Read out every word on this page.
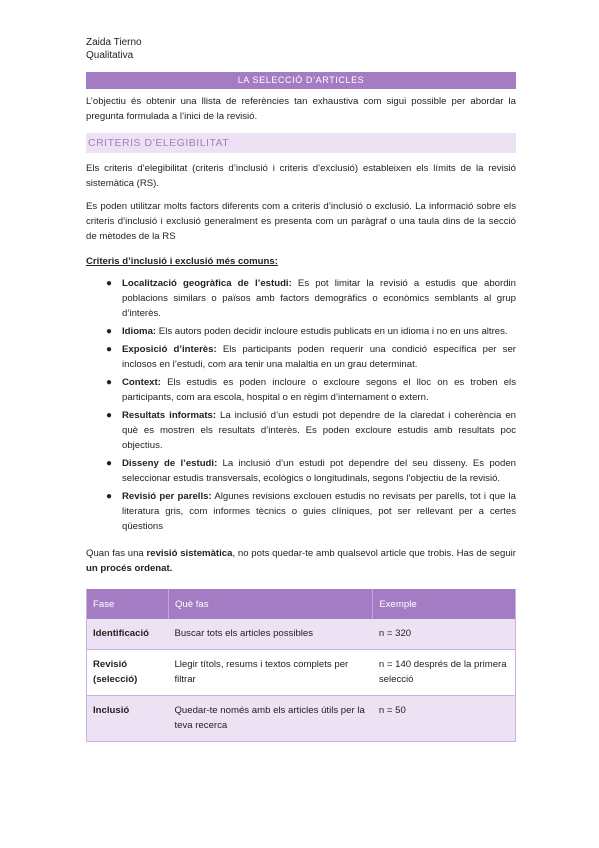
Zaida Tierno
Qualitativa
LA SELECCIÓ D’ARTICLES

L’objectiu és obtenir una llista de referències tan exhaustiva com sigui possible per abordar la pregunta formulada a l’inici de la revisió.

CRITERIS D’ELEGIBILITAT

Els criteris d’elegibilitat (criteris d’inclusió i criteris d’exclusió) estableixen els límits de la revisió sistemàtica (RS).

Es poden utilitzar molts factors diferents com a criteris d’inclusió o exclusió. La informació sobre els criteris d’inclusió i exclusió generalment es presenta com un paràgraf o una taula dins de la secció de mètodes de la RS

Criteris d’inclusió i exclusió més comuns:
● Localització geogràfica de l’estudi: Es pot limitar la revisió a estudis que abordin poblacions similars o països amb factors demogràfics o econòmics semblants al grup d’interès.
● Idioma: Els autors poden decidir incloure estudis publicats en un idioma i no en uns altres.
● Exposició d’interès: Els participants poden requerir una condició específica per ser inclosos en l’estudi, com ara tenir una malaltia en un grau determinat.
● Context: Els estudis es poden incloure o excloure segons el lloc on es troben els participants, com ara escola, hospital o en règim d’internament o extern.
● Resultats informats: La inclusió d’un estudi pot dependre de la claredat i coherència en què es mostren els resultats d’interès. Es poden excloure estudis amb resultats poc objectius.
● Disseny de l’estudi: La inclusió d’un estudi pot dependre del seu disseny. Es poden seleccionar estudis transversals, ecològics o longitudinals, segons l’objectiu de la revisió.
● Revisió per parells: Algunes revisions exclouen estudis no revisats per parells, tot i que la literatura gris, com informes tècnics o guies clíniques, pot ser rellevant per a certes qüestions

Quan fas una revisió sistemàtica, no pots quedar-te amb qualsevol article que trobis. Has de seguir un procés ordenat.

Fase	Què fas	Exemple
Identificació	Buscar tots els articles possibles	n = 320
Revisió (selecció)	Llegir títols, resums i textos complets per filtrar	n = 140 després de la primera selecció
Inclusió	Quedar-te només amb els articles útils per la teva recerca	n = 50
